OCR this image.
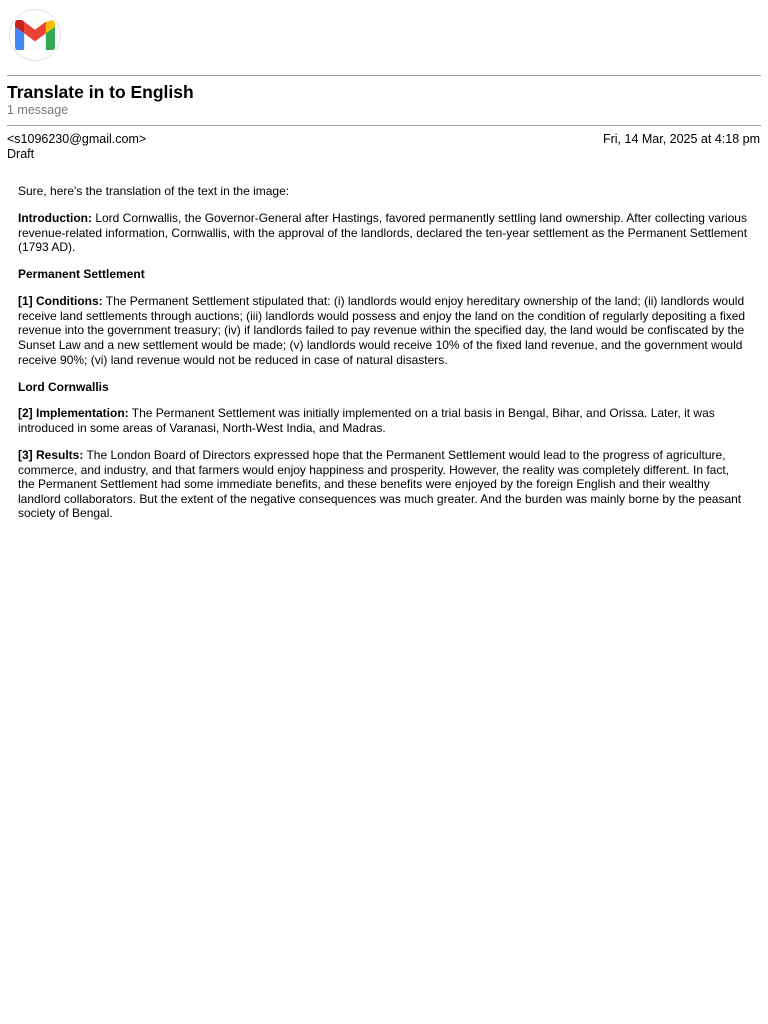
Translate in to English
1 message
<s1096230@gmail.com>	Fri, 14 Mar, 2025 at 4:18 pm
Draft

Sure, here's the translation of the text in the image:

Introduction: Lord Cornwallis, the Governor-General after Hastings, favored permanently settling land ownership. After collecting various revenue-related information, Cornwallis, with the approval of the landlords, declared the ten-year settlement as the Permanent Settlement (1793 AD).

Permanent Settlement

[1] Conditions: The Permanent Settlement stipulated that: (i) landlords would enjoy hereditary ownership of the land; (ii) landlords would receive land settlements through auctions; (iii) landlords would possess and enjoy the land on the condition of regularly depositing a fixed revenue into the government treasury; (iv) if landlords failed to pay revenue within the specified day, the land would be confiscated by the Sunset Law and a new settlement would be made; (v) landlords would receive 10% of the fixed land revenue, and the government would receive 90%; (vi) land revenue would not be reduced in case of natural disasters.

Lord Cornwallis

[2] Implementation: The Permanent Settlement was initially implemented on a trial basis in Bengal, Bihar, and Orissa. Later, it was introduced in some areas of Varanasi, North-West India, and Madras.

[3] Results: The London Board of Directors expressed hope that the Permanent Settlement would lead to the progress of agriculture, commerce, and industry, and that farmers would enjoy happiness and prosperity. However, the reality was completely different. In fact, the Permanent Settlement had some immediate benefits, and these benefits were enjoyed by the foreign English and their wealthy landlord collaborators. But the extent of the negative consequences was much greater. And the burden was mainly borne by the peasant society of Bengal.
